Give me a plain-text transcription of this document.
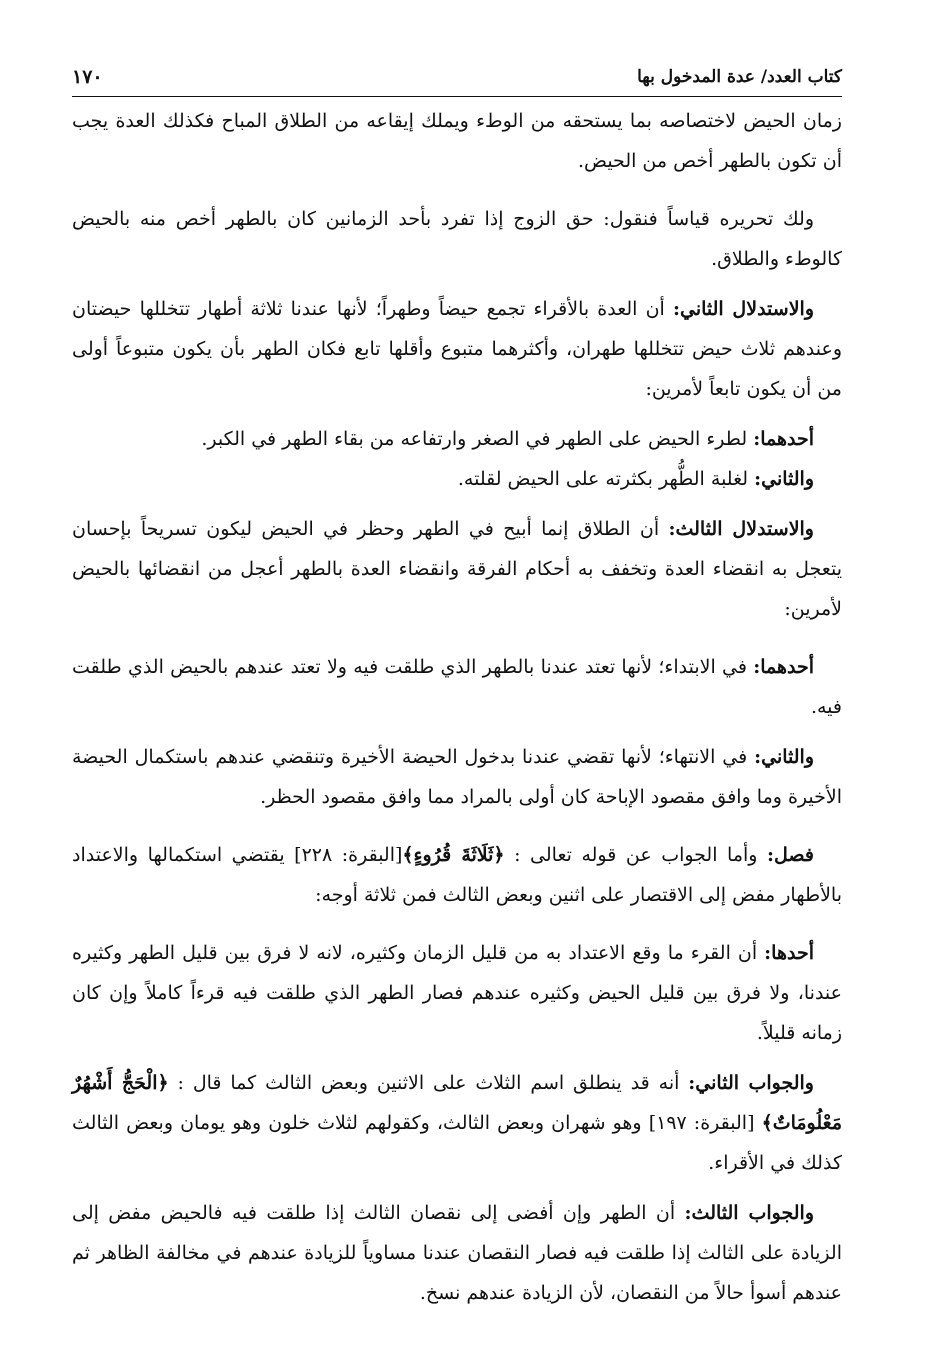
كتاب العدد/ عدة المدخول بها
١٧٠

زمان الحيض لاختصاصه بما يستحقه من الوطء ويملك إيقاعه من الطلاق المباح فكذلك العدة يجب أن تكون بالطهر أخص من الحيض.

ولك تحريره قياساً فنقول: حق الزوج إذا تفرد بأحد الزمانين كان بالطهر أخص منه بالحيض كالوطء والطلاق.

والاستدلال الثاني: أن العدة بالأقراء تجمع حيضاً وطهراً؛ لأنها عندنا ثلاثة أطهار تتخللها حيضتان وعندهم ثلاث حيض تتخللها طهران، وأكثرهما متبوع وأقلها تابع فكان الطهر بأن يكون متبوعاً أولى من أن يكون تابعاً لأمرين:

أحدهما: لطرء الحيض على الطهر في الصغر وارتفاعه من بقاء الطهر في الكبر.

والثاني: لغلبة الطُّهر بكثرته على الحيض لقلته.

والاستدلال الثالث: أن الطلاق إنما أبيح في الطهر وحظر في الحيض ليكون تسريحاً بإحسان يتعجل به انقضاء العدة وتخفف به أحكام الفرقة وانقضاء العدة بالطهر أعجل من انقضائها بالحيض لأمرين:

أحدهما: في الابتداء؛ لأنها تعتد عندنا بالطهر الذي طلقت فيه ولا تعتد عندهم بالحيض الذي طلقت فيه.

والثاني: في الانتهاء؛ لأنها تقضي عندنا بدخول الحيضة الأخيرة وتنقضي عندهم باستكمال الحيضة الأخيرة وما وافق مقصود الإباحة كان أولى بالمراد مما وافق مقصود الحظر.

فصل: وأما الجواب عن قوله تعالى : ﴿ثَلَاثَةَ قُرُوءٍ﴾[البقرة: ٢٢٨] يقتضي استكمالها والاعتداد بالأطهار مفض إلى الاقتصار على اثنين وبعض الثالث فمن ثلاثة أوجه:

أحدها: أن القرء ما وقع الاعتداد به من قليل الزمان وكثيره، لانه لا فرق بين قليل الطهر وكثيره عندنا، ولا فرق بين قليل الحيض وكثيره عندهم فصار الطهر الذي طلقت فيه قرءاً كاملاً وإن كان زمانه قليلاً.

والجواب الثاني: أنه قد ينطلق اسم الثلاث على الاثنين وبعض الثالث كما قال : ﴿الْحَجُّ أَشْهُرٌ مَعْلُومَاتٌ﴾ [البقرة: ١٩٧] وهو شهران وبعض الثالث، وكقولهم لثلاث خلون وهو يومان وبعض الثالث كذلك في الأقراء.

والجواب الثالث: أن الطهر وإن أفضى إلى نقصان الثالث إذا طلقت فيه فالحيض مفض إلى الزيادة على الثالث إذا طلقت فيه فصار النقصان عندنا مساوياً للزيادة عندهم في مخالفة الظاهر ثم عندهم أسوأ حالاً من النقصان، لأن الزيادة عندهم نسخ.
